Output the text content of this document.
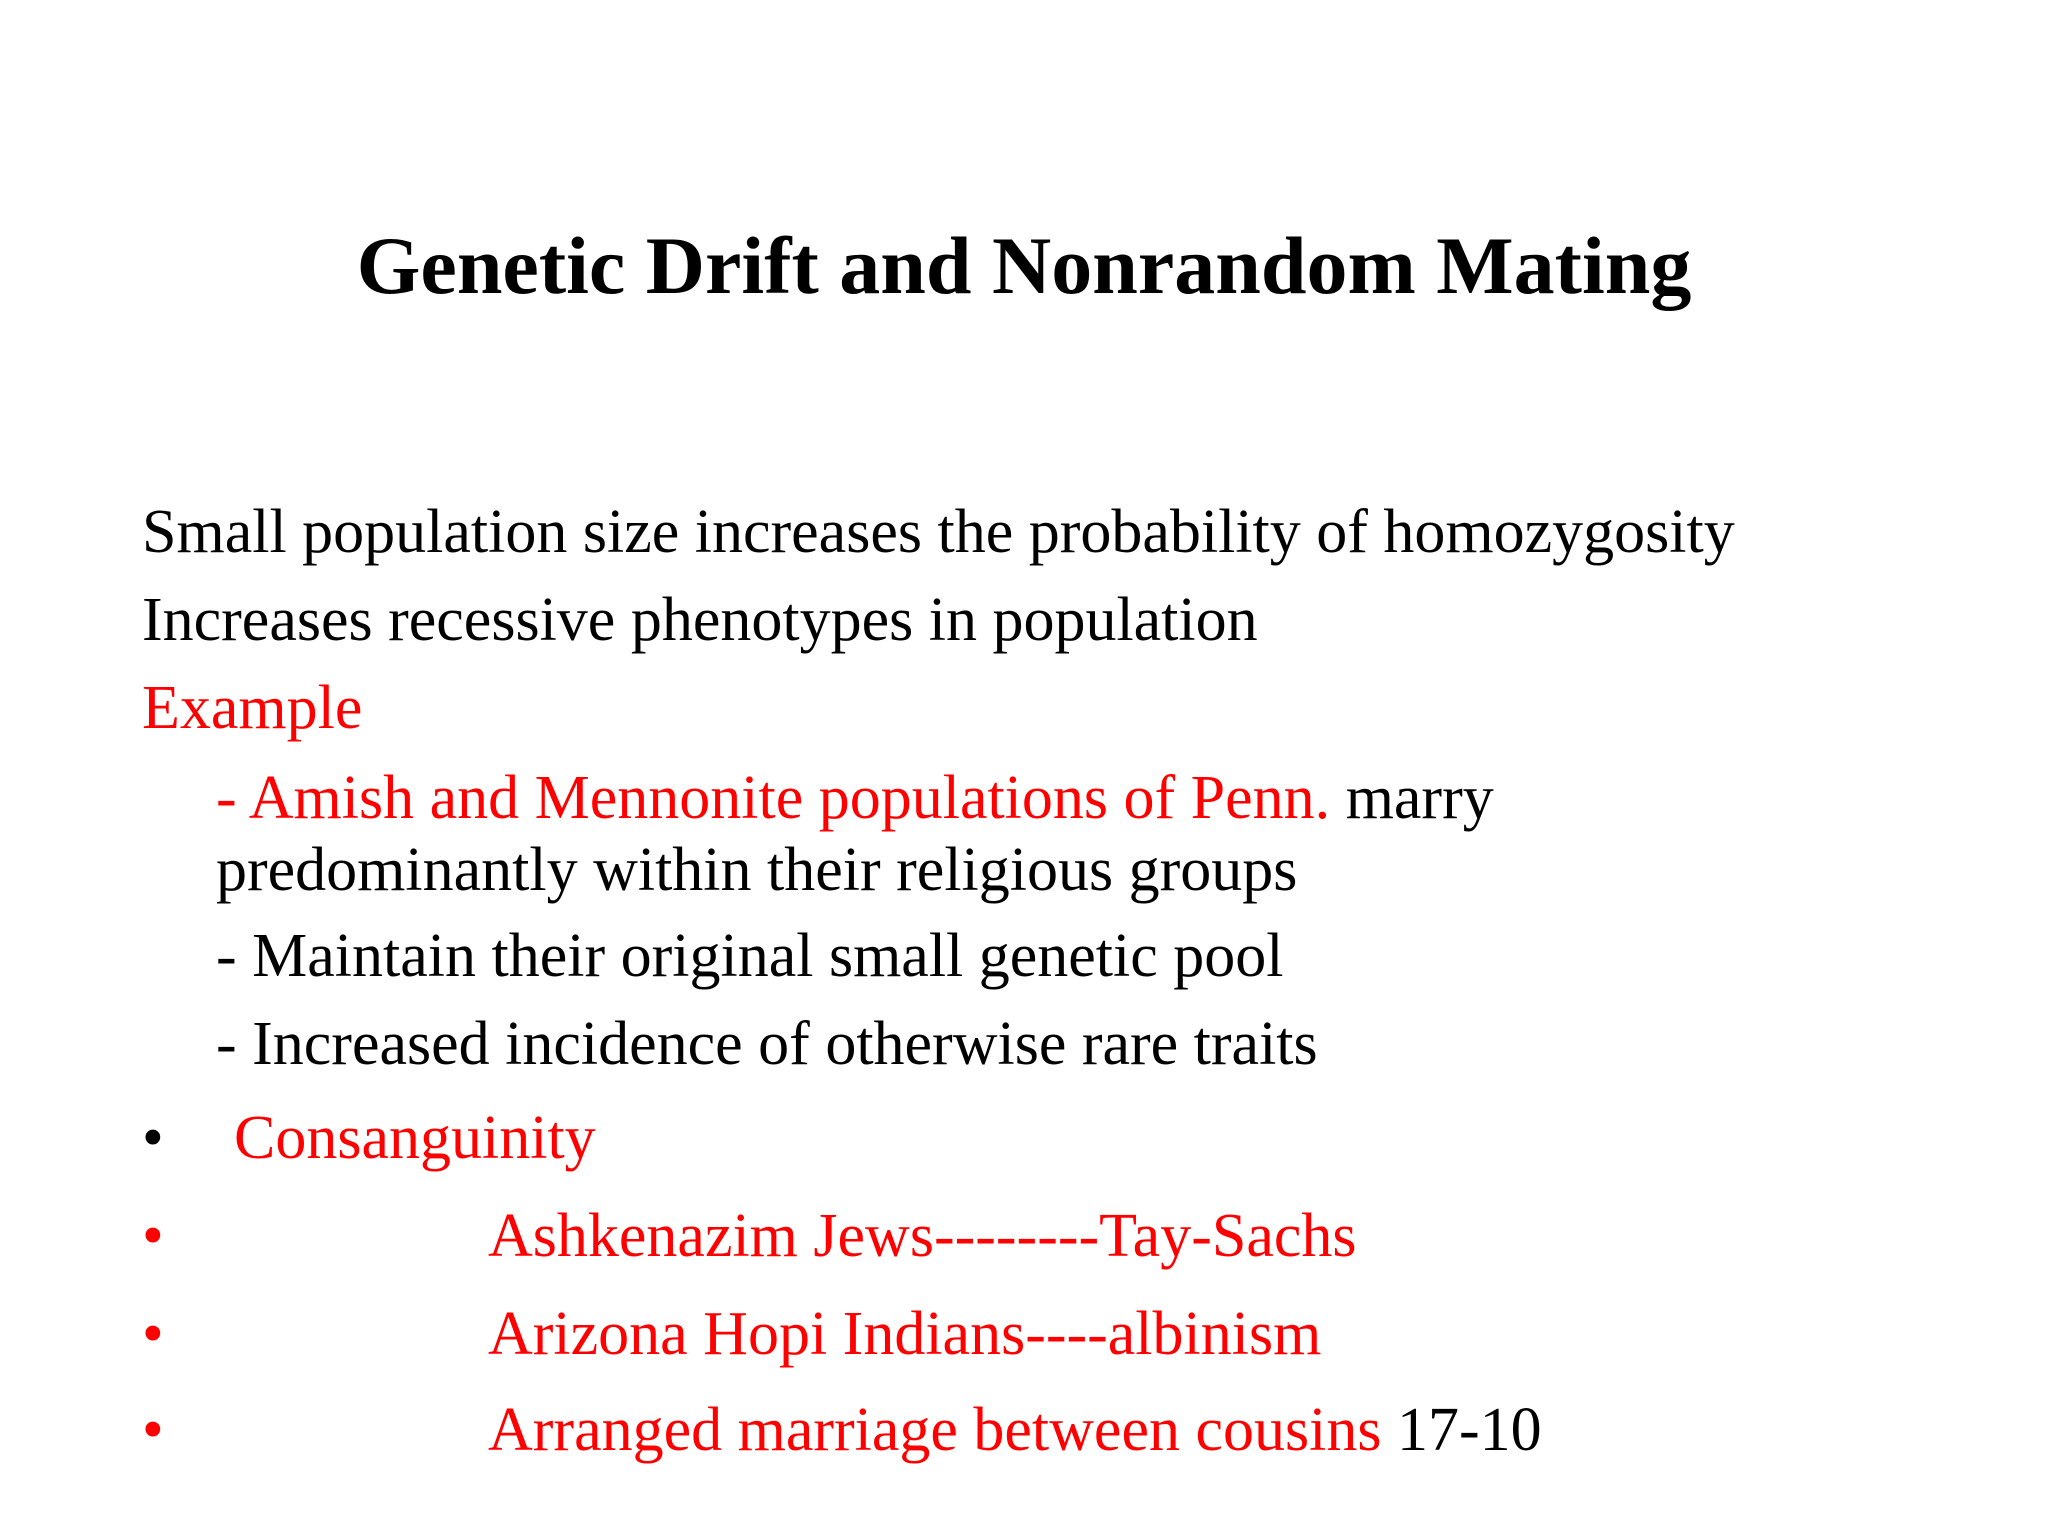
Genetic Drift and Nonrandom Mating
Small population size increases the probability of homozygosity
Increases recessive phenotypes in population
Example
- Amish and Mennonite populations of Penn. marry
predominantly within their religious groups
- Maintain their original small genetic pool
- Increased incidence of otherwise rare traits
• Consanguinity
•	Ashkenazim Jews--------Tay-Sachs
•	Arizona Hopi Indians----albinism
•	Arranged marriage between cousins 17-10
